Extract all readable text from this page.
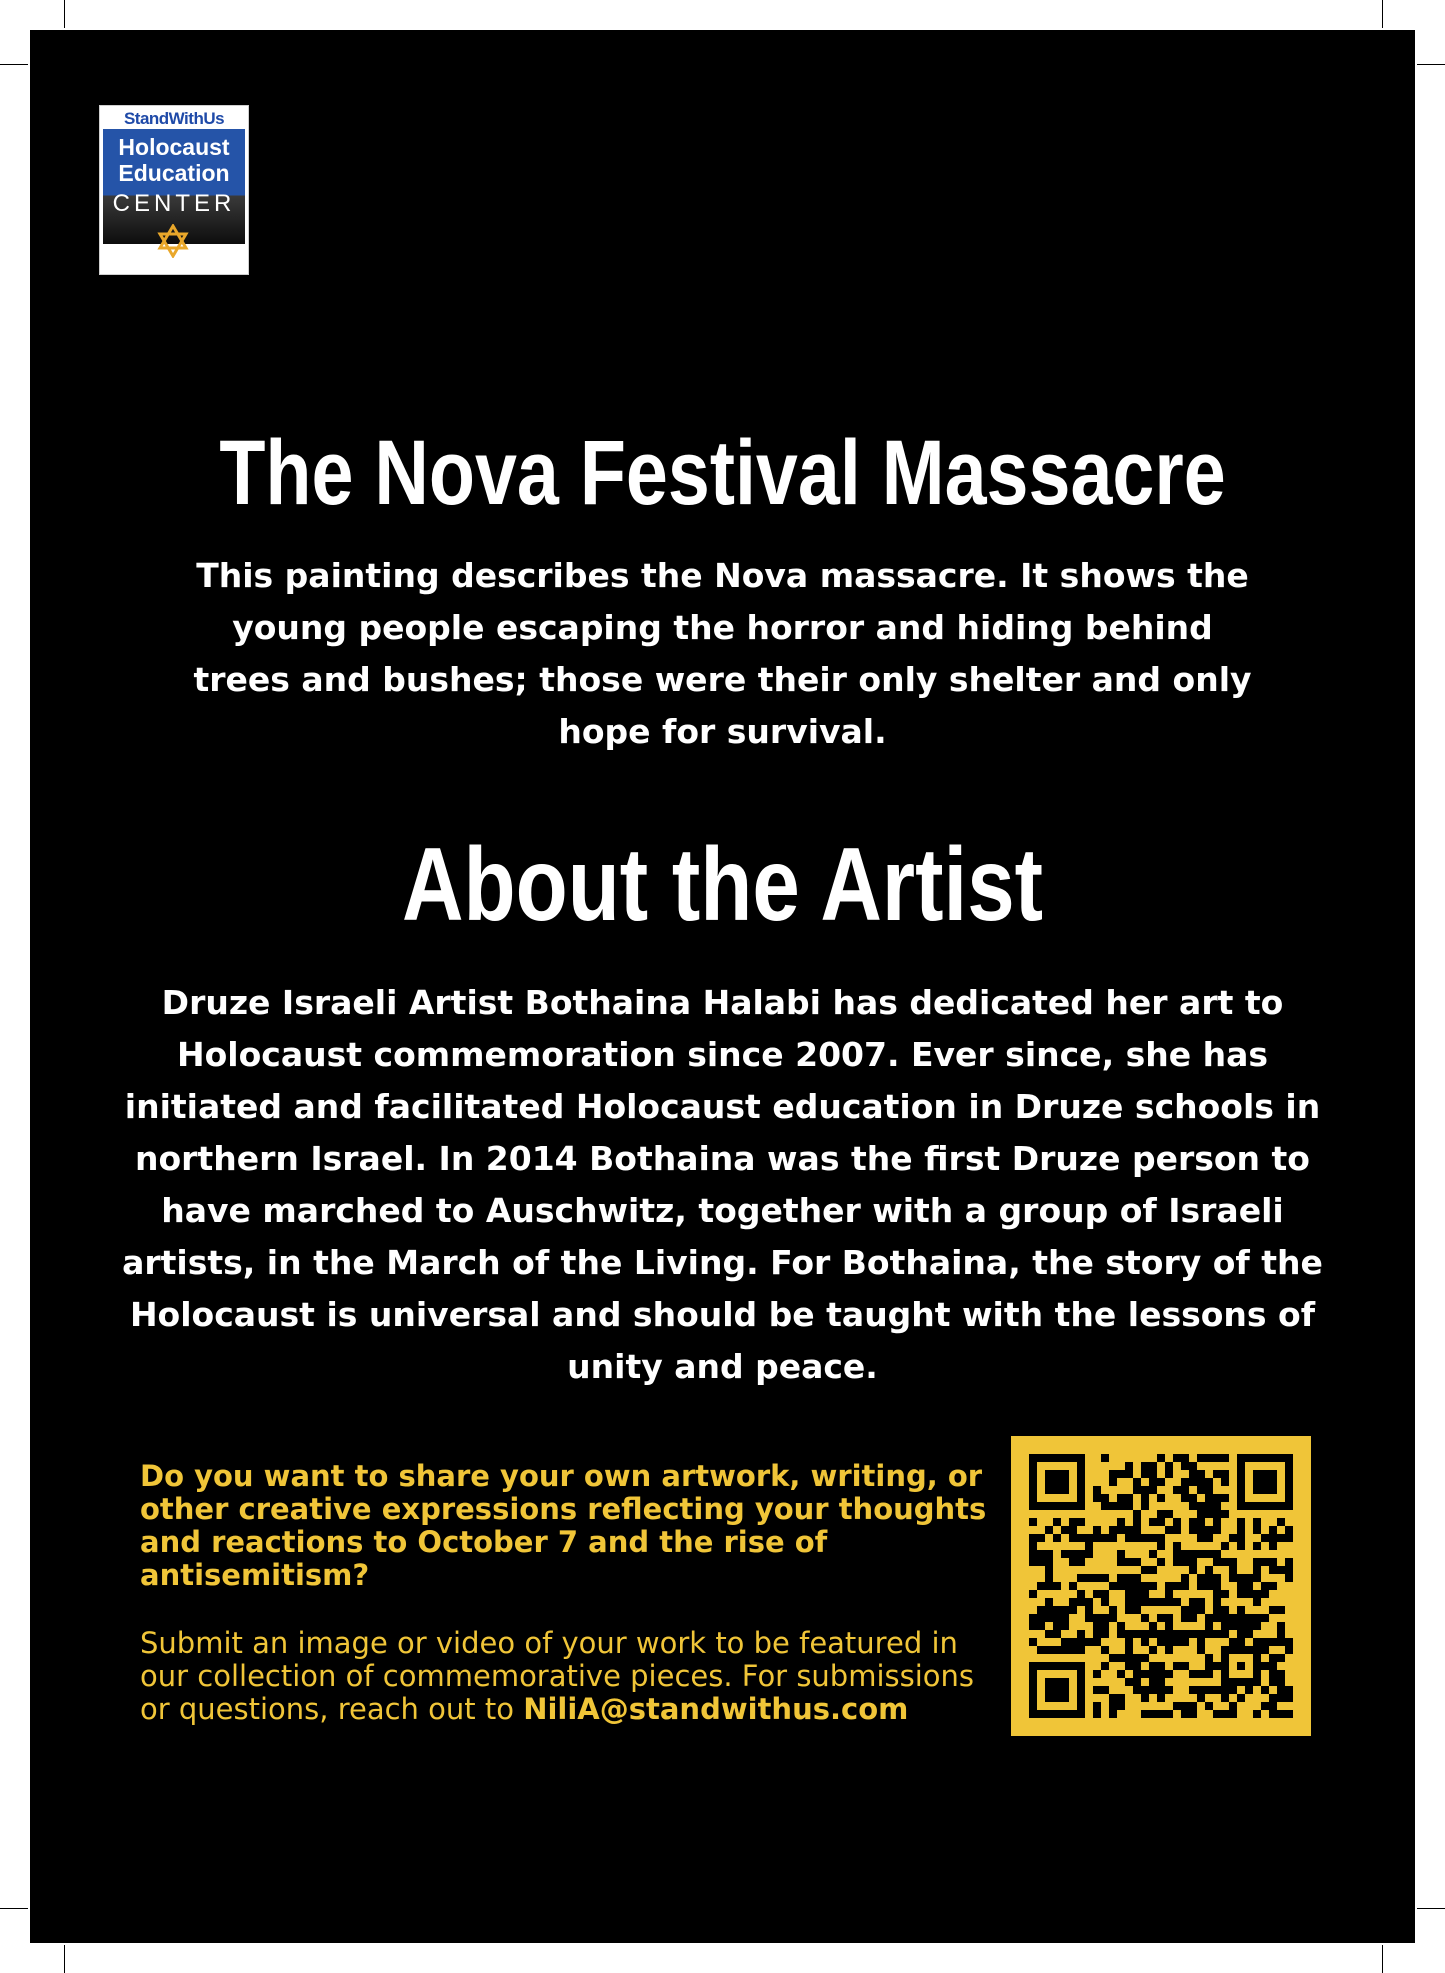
StandWithUs
Holocaust
Education
CENTER
The Nova Festival Massacre

This painting describes the Nova massacre. It shows the young people escaping the horror and hiding behind trees and bushes; those were their only shelter and only hope for survival.

About the Artist

Druze Israeli Artist Bothaina Halabi has dedicated her art to Holocaust commemoration since 2007. Ever since, she has initiated and facilitated Holocaust education in Druze schools in northern Israel. In 2014 Bothaina was the first Druze person to have marched to Auschwitz, together with a group of Israeli artists, in the March of the Living. For Bothaina, the story of the Holocaust is universal and should be taught with the lessons of unity and peace.

Do you want to share your own artwork, writing, or other creative expressions reflecting your thoughts and reactions to October 7 and the rise of antisemitism?

Submit an image or video of your work to be featured in our collection of commemorative pieces. For submissions or questions, reach out to NiliA@standwithus.com
